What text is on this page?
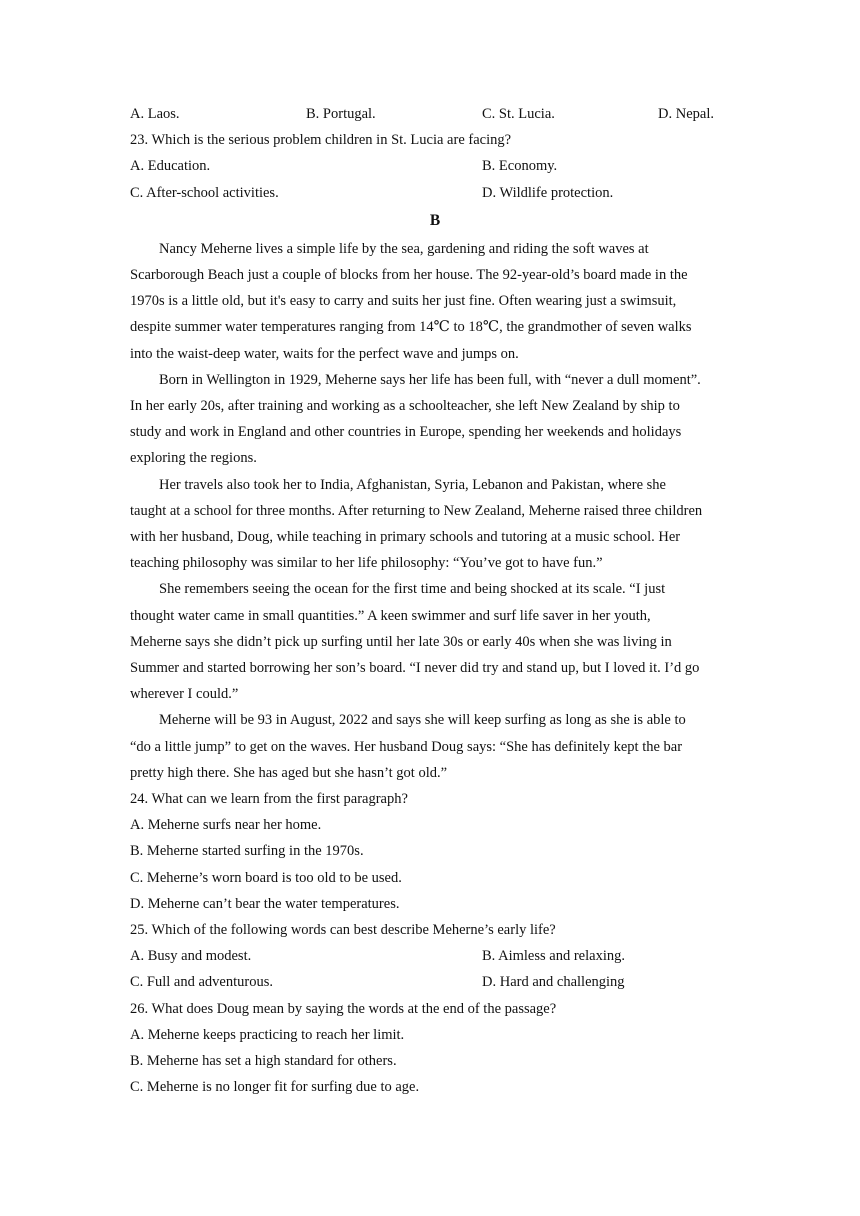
A. Laos.	B. Portugal.	C. St. Lucia.	D. Nepal.
23. Which is the serious problem children in St. Lucia are facing?
A. Education.	B. Economy.
C. After-school activities.	D. Wildlife protection.
B
Nancy Meherne lives a simple life by the sea, gardening and riding the soft waves at
Scarborough Beach just a couple of blocks from her house. The 92-year-old’s board made in the
1970s is a little old, but it's easy to carry and suits her just fine. Often wearing just a swimsuit,
despite summer water temperatures ranging from 14℃ to 18℃, the grandmother of seven walks
into the waist-deep water, waits for the perfect wave and jumps on.
Born in Wellington in 1929, Meherne says her life has been full, with “never a dull moment”.
In her early 20s, after training and working as a schoolteacher, she left New Zealand by ship to
study and work in England and other countries in Europe, spending her weekends and holidays
exploring the regions.
Her travels also took her to India, Afghanistan, Syria, Lebanon and Pakistan, where she
taught at a school for three months. After returning to New Zealand, Meherne raised three children
with her husband, Doug, while teaching in primary schools and tutoring at a music school. Her
teaching philosophy was similar to her life philosophy: “You’ve got to have fun.”
She remembers seeing the ocean for the first time and being shocked at its scale. “I just
thought water came in small quantities.” A keen swimmer and surf life saver in her youth,
Meherne says she didn’t pick up surfing until her late 30s or early 40s when she was living in
Summer and started borrowing her son’s board. “I never did try and stand up, but I loved it. I’d go
wherever I could.”
Meherne will be 93 in August, 2022 and says she will keep surfing as long as she is able to
“do a little jump” to get on the waves. Her husband Doug says: “She has definitely kept the bar
pretty high there. She has aged but she hasn’t got old.”
24. What can we learn from the first paragraph?
A. Meherne surfs near her home.
B. Meherne started surfing in the 1970s.
C. Meherne’s worn board is too old to be used.
D. Meherne can’t bear the water temperatures.
25. Which of the following words can best describe Meherne’s early life?
A. Busy and modest.	B. Aimless and relaxing.
C. Full and adventurous.	D. Hard and challenging
26. What does Doug mean by saying the words at the end of the passage?
A. Meherne keeps practicing to reach her limit.
B. Meherne has set a high standard for others.
C. Meherne is no longer fit for surfing due to age.
